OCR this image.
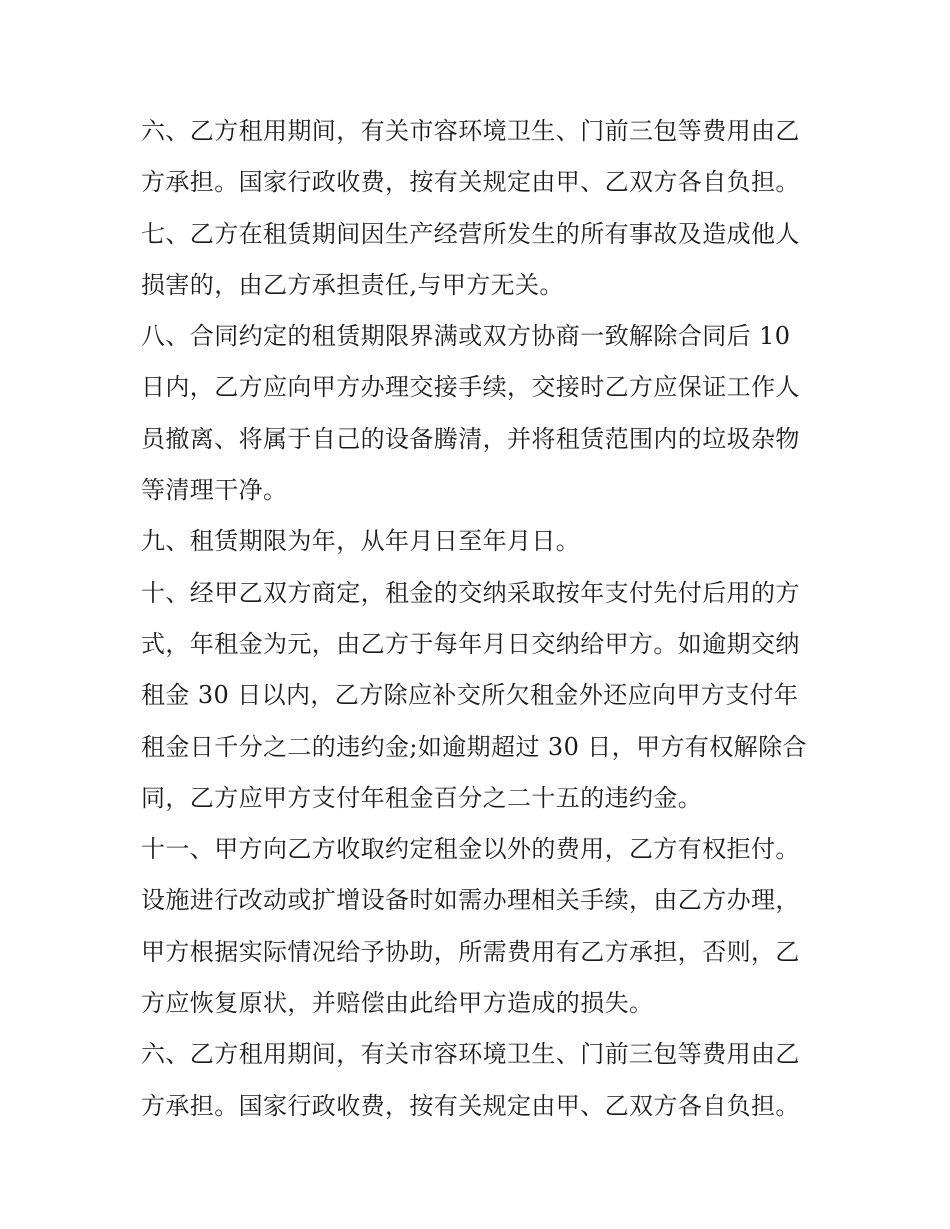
六、乙方租用期间，有关市容环境卫生、门前三包等费用由乙

方承担。国家行政收费，按有关规定由甲、乙双方各自负担。

七、乙方在租赁期间因生产经营所发生的所有事故及造成他人

损害的，由乙方承担责任,与甲方无关。

八、合同约定的租赁期限界满或双方协商一致解除合同后 10

日内，乙方应向甲方办理交接手续，交接时乙方应保证工作人

员撤离、将属于自己的设备腾清，并将租赁范围内的垃圾杂物

等清理干净。

九、租赁期限为年，从年月日至年月日。

十、经甲乙双方商定，租金的交纳采取按年支付先付后用的方

式，年租金为元，由乙方于每年月日交纳给甲方。如逾期交纳

租金 30 日以内，乙方除应补交所欠租金外还应向甲方支付年

租金日千分之二的违约金;如逾期超过 30 日，甲方有权解除合

同，乙方应甲方支付年租金百分之二十五的违约金。

十一、甲方向乙方收取约定租金以外的费用，乙方有权拒付。

设施进行改动或扩增设备时如需办理相关手续，由乙方办理，

甲方根据实际情况给予协助，所需费用有乙方承担，否则，乙

方应恢复原状，并赔偿由此给甲方造成的损失。

六、乙方租用期间，有关市容环境卫生、门前三包等费用由乙

方承担。国家行政收费，按有关规定由甲、乙双方各自负担。
